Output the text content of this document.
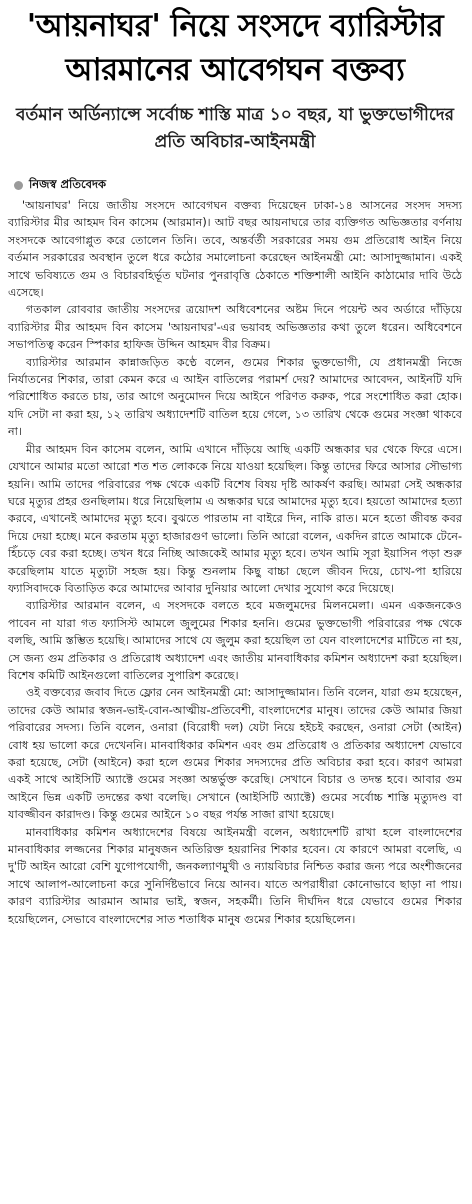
'আয়নাঘর' নিয়ে সংসদে ব্যারিস্টার আরমানের আবেগঘন বক্তব্য
বর্তমান অর্ডিন্যান্সে সর্বোচ্চ শাস্তি মাত্র ১০ বছর, যা ভুক্তভোগীদের প্রতি অবিচার-আইনমন্ত্রী
নিজস্ব প্রতিবেদক

'আয়নাঘর' নিয়ে জাতীয় সংসদে আবেগঘন বক্তব্য দিয়েছেন ঢাকা-১৪ আসনের সংসদ সদস্য ব্যারিস্টার মীর আহমদ বিন কাসেম (আরমান)। আট বছর আয়নাঘরে তার ব্যক্তিগত অভিজ্ঞতার বর্ণনায় সংসদকে আবেগাপ্লুত করে তোলেন তিনি। তবে, অন্তর্বর্তী সরকারের সময় গুম প্রতিরোধ আইন নিয়ে বর্তমান সরকারের অবস্থান তুলে ধরে কঠোর সমালোচনা করেছেন আইনমন্ত্রী মো: আসাদুজ্জামান। একই সাথে ভবিষ্যতে গুম ও বিচারবহির্ভূত ঘটনার পুনরাবৃত্তি ঠেকাতে শক্তিশালী আইনি কাঠামোর দাবি উঠে এসেছে।

গতকাল রোববার জাতীয় সংসদের ত্রয়োদশ অধিবেশনের অষ্টম দিনে পয়েন্ট অব অর্ডারে দাঁড়িয়ে ব্যারিস্টার মীর আহমদ বিন কাসেম 'আয়নাঘর'-এর ভয়াবহ অভিজ্ঞতার কথা তুলে ধরেন। অধিবেশনে সভাপতিত্ব করেন স্পিকার হাফিজ উদ্দিন আহমদ বীর বিক্রম।

ব্যারিস্টার আরমান কান্নাজড়িত কণ্ঠে বলেন, গুমের শিকার ভুক্তভোগী, যে প্রধানমন্ত্রী নিজে নির্যাতনের শিকার, তারা কেমন করে এ আইন বাতিলের পরামর্শ দেয়? আমাদের আবেদন, আইনটি যদি পরিশোধিত করতে চায়, তার আগে অনুমোদন দিয়ে আইনে পরিণত করুক, পরে সংশোধিত করা হোক। যদি সেটা না করা হয়, ১২ তারিখ অধ্যাদেশটি বাতিল হয়ে গেলে, ১৩ তারিখ থেকে গুমের সংজ্ঞা থাকবে না।

মীর আহমদ বিন কাসেম বলেন, আমি এখানে দাঁড়িয়ে আছি একটি অন্ধকার ঘর থেকে ফিরে এসে। যেখানে আমার মতো আরো শত শত লোককে নিয়ে যাওয়া হয়েছিল। কিন্তু তাদের ফিরে আসার সৌভাগ্য হয়নি। আমি তাদের পরিবারের পক্ষ থেকে একটি বিশেষ বিষয় দৃষ্টি আকর্ষণ করছি। আমরা সেই অন্ধকার ঘরে মৃত্যুর প্রহর গুনছিলাম। ধরে নিয়েছিলাম এ অন্ধকার ঘরে আমাদের মৃত্যু হবে। হয়তো আমাদের হত্যা করবে, এখানেই আমাদের মৃত্যু হবে। বুঝতে পারতাম না বাইরে দিন, নাকি রাত। মনে হতো জীবন্ত কবর দিয়ে দেয়া হচ্ছে। মনে করতাম মৃত্যু হাজারগুণ ভালো। তিনি আরো বলেন, একদিন রাতে আমাকে টেনে-হিঁচড়ে বের করা হচ্ছে। তখন ধরে নিচ্ছি আজকেই আমার মৃত্যু হবে। তখন আমি সূরা ইয়াসিন পড়া শুরু করেছিলাম যাতে মৃত্যুটা সহজ হয়। কিন্তু শুনলাম কিছু বাচ্চা ছেলে জীবন দিয়ে, চোখ-পা হারিয়ে ফ্যাসিবাদকে বিতাড়িত করে আমাদের আবার দুনিয়ার আলো দেখার সুযোগ করে দিয়েছে।

ব্যারিস্টার আরমান বলেন, এ সংসদকে বলতে হবে মজলুমদের মিলনমেলা। এমন একজনকেও পাবেন না যারা গত ফ্যাসিস্ট আমলে জুলুমের শিকার হননি। গুমের ভুক্তভোগী পরিবারের পক্ষ থেকে বলছি, আমি স্তম্ভিত হয়েছি। আমাদের সাথে যে জুলুম করা হয়েছিল তা যেন বাংলাদেশের মাটিতে না হয়, সে জন্য গুম প্রতিকার ও প্রতিরোধ অধ্যাদেশ এবং জাতীয় মানবাধিকার কমিশন অধ্যাদেশ করা হয়েছিল। বিশেষ কমিটি আইনগুলো বাতিলের সুপারিশ করেছে।

ওই বক্তব্যের জবাব দিতে ফ্লোর নেন আইনমন্ত্রী মো: আসাদুজ্জামান। তিনি বলেন, যারা গুম হয়েছেন, তাদের কেউ আমার স্বজন-ভাই-বোন-আত্মীয়-প্রতিবেশী, বাংলাদেশের মানুষ। তাদের কেউ আমার জিয়া পরিবারের সদস্য। তিনি বলেন, ওনারা (বিরোধী দল) যেটা নিয়ে হইচই করছেন, ওনারা সেটা (আইন) বোধ হয় ভালো করে দেখেননি। মানবাধিকার কমিশন এবং গুম প্রতিরোধ ও প্রতিকার অধ্যাদেশ যেভাবে করা হয়েছে, সেটা (আইনে) করা হলে গুমের শিকার সদস্যদের প্রতি অবিচার করা হবে। কারণ আমরা একই সাথে আইসিটি অ্যাক্টে গুমের সংজ্ঞা অন্তর্ভুক্ত করেছি। সেখানে বিচার ও তদন্ত হবে। আবার গুম আইনে ভিন্ন একটি তদন্তের কথা বলেছি। সেখানে (আইসিটি অ্যাক্টে) গুমের সর্বোচ্চ শাস্তি মৃত্যুদণ্ড বা যাবজ্জীবন কারাদণ্ড। কিন্তু গুমের আইনে ১০ বছর পর্যন্ত সাজা রাখা হয়েছে।

মানবাধিকার কমিশন অধ্যাদেশের বিষয়ে আইনমন্ত্রী বলেন, অধ্যাদেশটি রাখা হলে বাংলাদেশের মানবাধিকার লজ্জনের শিকার মানুষজন অতিরিক্ত হয়রানির শিকার হবেন। যে কারণে আমরা বলেছি, এ দু'টি আইন আরো বেশি যুগোপযোগী, জনকল্যাণমুখী ও ন্যায়বিচার নিশ্চিত করার জন্য পরে অংশীজনের সাথে আলাপ-আলোচনা করে সুনির্দিষ্টভাবে নিয়ে আনব। যাতে অপরাধীরা কোনোভাবে ছাড়া না পায়। কারণ ব্যারিস্টার আরমান আমার ভাই, স্বজন, সহকর্মী। তিনি দীর্ঘদিন ধরে যেভাবে গুমের শিকার হয়েছিলেন, সেভাবে বাংলাদেশের সাত শতাধিক মানুষ গুমের শিকার হয়েছিলেন।
